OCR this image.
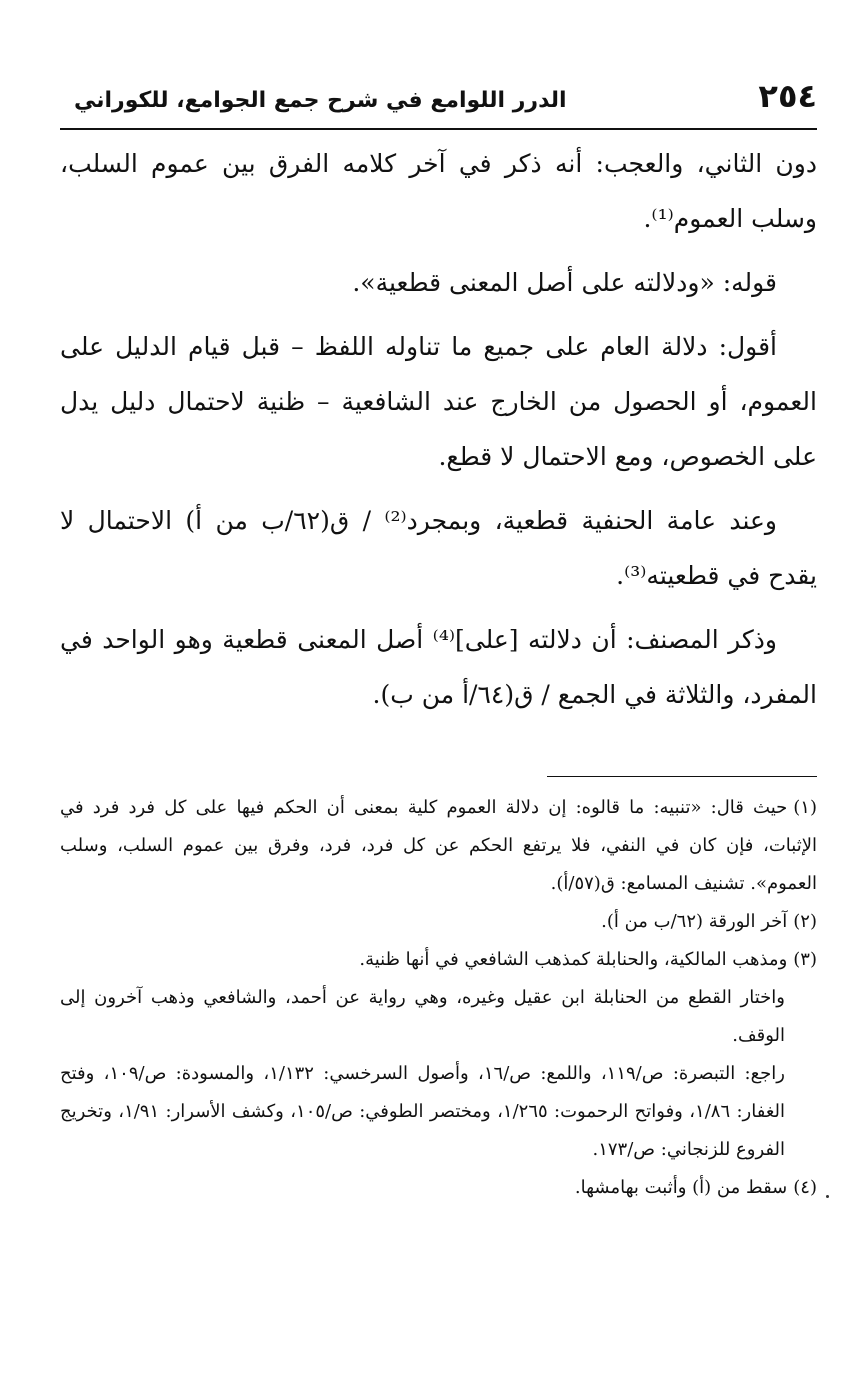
٢٥٤
الدرر اللوامع في شرح جمع الجوامع، للكوراني

دون الثاني، والعجب: أنه ذكر في آخر كلامه الفرق بين عموم السلب، وسلب العموم⁽¹⁾.

قوله: «ودلالته على أصل المعنى قطعية».

أقول: دلالة العام على جميع ما تناوله اللفظ – قبل قيام الدليل على العموم، أو الحصول من الخارج عند الشافعية – ظنية لاحتمال دليل يدل على الخصوص، ومع الاحتمال لا قطع.

وعند عامة الحنفية قطعية، وبمجرد⁽²⁾ / ق(٦٢/ب من أ) الاحتمال لا يقدح في قطعيته⁽³⁾.

وذكر المصنف: أن دلالته [على]⁽⁴⁾ أصل المعنى قطعية وهو الواحد في المفرد، والثلاثة في الجمع / ق(٦٤/أ من ب).

(١)حيث قال: «تنبيه: ما قالوه: إن دلالة العموم كلية بمعنى أن الحكم فيها على كل فرد فرد في الإثبات، فإن كان في النفي، فلا يرتفع الحكم عن كل فرد، فرد، وفرق بين عموم السلب، وسلب العموم». تشنيف المسامع: ق(٥٧/أ).

(٢)آخر الورقة (٦٢/ب من أ).

(٣)ومذهب المالكية، والحنابلة كمذهب الشافعي في أنها ظنية.

واختار القطع من الحنابلة ابن عقيل وغيره، وهي رواية عن أحمد، والشافعي وذهب آخرون إلى الوقف.

راجع: التبصرة: ص/١١٩، واللمع: ص/١٦، وأصول السرخسي: ١/١٣٢، والمسودة: ص/١٠٩، وفتح الغفار: ١/٨٦، وفواتح الرحموت: ١/٢٦٥، ومختصر الطوفي: ص/١٠٥، وكشف الأسرار: ١/٩١، وتخريج الفروع للزنجاني: ص/١٧٣.

(٤)سقط من (أ) وأثبت بهامشها.
